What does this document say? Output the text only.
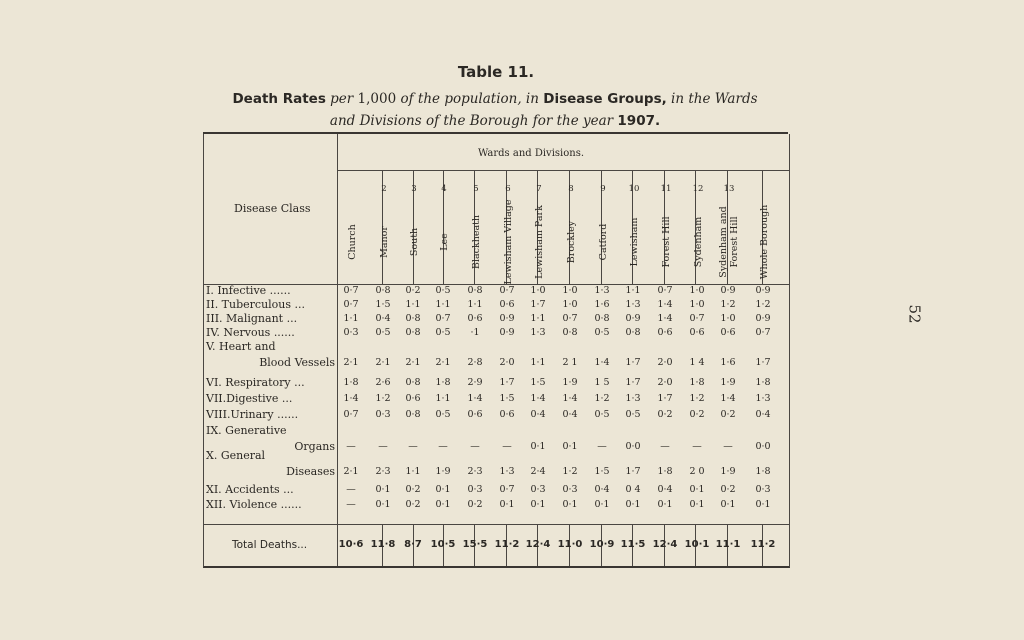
52
Table 11.
Death Rates per 1,000 of the population, in Disease Groups, in the Wards
and Divisions of the Borough for the year 1907.
Disease Class
Wards and Divisions.
2	3	4	5	6	7	8	9	10	11	12	13
Church	Manor	South	Lee	Blackheath	Lewisham Village	Lewisham Park	Brockley	Catford	Lewisham	Forest Hill	Sydenham	Sydenham and Forest Hill	Whole Borough
I. Infective ......	0·7	0·8	0·2	0·5	0·8	0·7	1·0	1·0	1·3	1·1	0·7	1·0	0·9	0·9
II. Tuberculous ...	0·7	1·5	1·1	1·1	1·1	0·6	1·7	1·0	1·6	1·3	1·4	1·0	1·2	1·2
III. Malignant ...	1·1	0·4	0·8	0·7	0·6	0·9	1·1	0·7	0·8	0·9	1·4	0·7	1·0	0·9
IV. Nervous ......	0·3	0·5	0·8	0·5	·1	0·9	1·3	0·8	0·5	0·8	0·6	0·6	0·6	0·7
V. Heart and
Blood Vessels 2·1	2·1	2·1	2·1	2·8	2·0	1·1	2 1	1·4	1·7	2·0	1 4	1·6	1·7
VI. Respiratory ...	1·8	2·6	0·8	1·8	2·9	1·7	1·5	1·9	1 5	1·7	2·0	1·8	1·9	1·8
VII.Digestive ...	1·4	1·2	0·6	1·1	1·4	1·5	1·4	1·4	1·2	1·3	1·7	1·2	1·4	1·3
VIII.Urinary ......	0·7	0·3	0·8	0·5	0·6	0·6	0·4	0·4	0·5	0·5	0·2	0·2	0·2	0·4
IX. Generative
Organs	—	—	—	—	—	—	0·1	0·1	—	0·0	—	—	—	0·0
X. General
Diseases 2·1	2·3	1·1	1·9	2·3	1·3	2·4	1·2	1·5	1·7	1·8	2 0	1·9	1·8
XI. Accidents ...	—	0·1	0·2	0·1	0·3	0·7	0·3	0·3	0·4	0 4	0·4	0·1	0·2	0·3
XII. Violence ......	—	0·1	0·2	0·1	0·2	0·1	0·1	0·1	0·1	0·1	0·1	0·1	0·1	0·1
Total Deaths...	10·6 11·8 8·7 10·5 15·5 11·2 12·4 11·0 10·9 11·5 12·4 10·1 11·1 11·2
